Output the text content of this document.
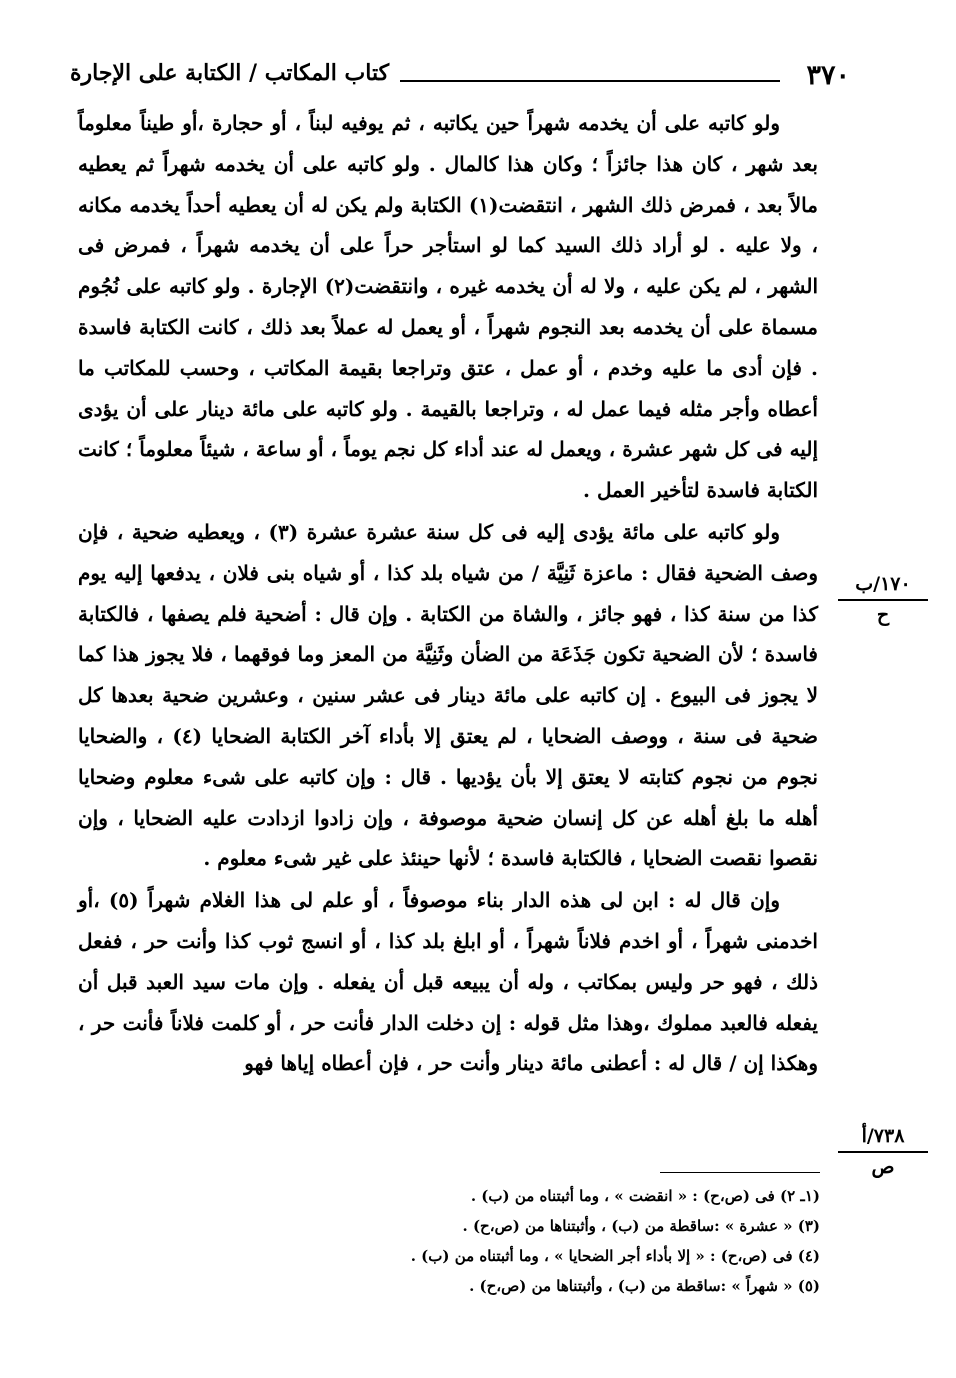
كتاب المكاتب / الكتابة على الإجارة	٣٧٠

ولو كاتبه على أن يخدمه شهراً حين يكاتبه ، ثم يوفيه لبناً ، أو حجارة ،أو طيناً معلوماً بعد شهر ، كان هذا جائزاً ؛ وكان هذا كالمال . ولو كاتبه على أن يخدمه شهراً ثم يعطيه مالاً بعد ، فمرض ذلك الشهر ، انتقضت(١) الكتابة ولم يكن له أن يعطيه أحداً يخدمه مكانه ، ولا عليه . لو أراد ذلك السيد كما لو استأجر حراً على أن يخدمه شهراً ، فمرض فى الشهر ، لم يكن عليه ، ولا له أن يخدمه غيره ، وانتقضت(٢) الإجارة . ولو كاتبه على نُجُوم مسماة على أن يخدمه بعد النجوم شهراً ، أو يعمل له عملاً بعد ذلك ، كانت الكتابة فاسدة . فإن أدى ما عليه وخدم ، أو عمل ، عتق وتراجعا بقيمة المكاتب ، وحسب للمكاتب ما أعطاه وأجر مثله فيما عمل له ، وتراجعا بالقيمة . ولو كاتبه على مائة دينار على أن يؤدى إليه فى كل شهر عشرة ، ويعمل له عند أداء كل نجم يوماً ، أو ساعة ، شيئاً معلوماً ؛ كانت الكتابة فاسدة لتأخير العمل .

ولو كاتبه على مائة يؤدى إليه فى كل سنة عشرة عشرة (٣) ، ويعطيه ضحية ، فإن وصف الضحية فقال : ماعزة ثَنِيَّة / من شياه بلد كذا ، أو شياه بنى فلان ، يدفعها إليه يوم كذا من سنة كذا ، فهو جائز ، والشاة من الكتابة . وإن قال : أضحية فلم يصفها ، فالكتابة فاسدة ؛ لأن الضحية تكون جَذَعَة من الضأن وثَنِيَّة من المعز وما فوقهما ، فلا يجوز هذا كما لا يجوز فى البيوع . إن كاتبه على مائة دينار فى عشر سنين ، وعشرين ضحية بعدها كل ضحية فى سنة ، ووصف الضحايا ، لم يعتق إلا بأداء آخر الكتابة الضحايا (٤) ، والضحايا نجوم من نجوم كتابته لا يعتق إلا بأن يؤديها . قال : وإن كاتبه على شىء معلوم وضحايا أهله ما بلغ أهله عن كل إنسان ضحية موصوفة ، وإن زادوا ازدادت عليه الضحايا ، وإن نقصوا نقصت الضحايا ، فالكتابة فاسدة ؛ لأنها حينئذ على غير شىء معلوم .

وإن قال له : ابن لى هذه الدار بناء موصوفاً ، أو علم لى هذا الغلام شهراً (٥) ،أو اخدمنى شهراً ، أو اخدم فلاناً شهراً ، أو ابلغ بلد كذا ، أو انسج ثوب كذا وأنت حر ، ففعل ذلك ، فهو حر وليس بمكاتب ، وله أن يبيعه قبل أن يفعله . وإن مات سيد العبد قبل أن يفعله فالعبد مملوك ،وهذا مثل قوله : إن دخلت الدار فأنت حر ، أو كلمت فلاناً فأنت حر ، وهكذا إن / قال له : أعطنى مائة دينار وأنت حر ، فإن أعطاه إياها فهو

١٧٠/ب
ح
٧٣٨/أ
ص
(١ـ ٢) فى (ص،ح) : « انقضت » ، وما أثبتناه من (ب) .
(٣) « عشرة » :ساقطة من (ب) ، وأثبتناها من (ص،ح) .
(٤) فى (ص،ح) : « إلا بأداء أجر الضحايا » ، وما أثبتناه من (ب) .
(٥) « شهراً » :ساقطة من (ب) ، وأثبتناها من (ص،ح) .
